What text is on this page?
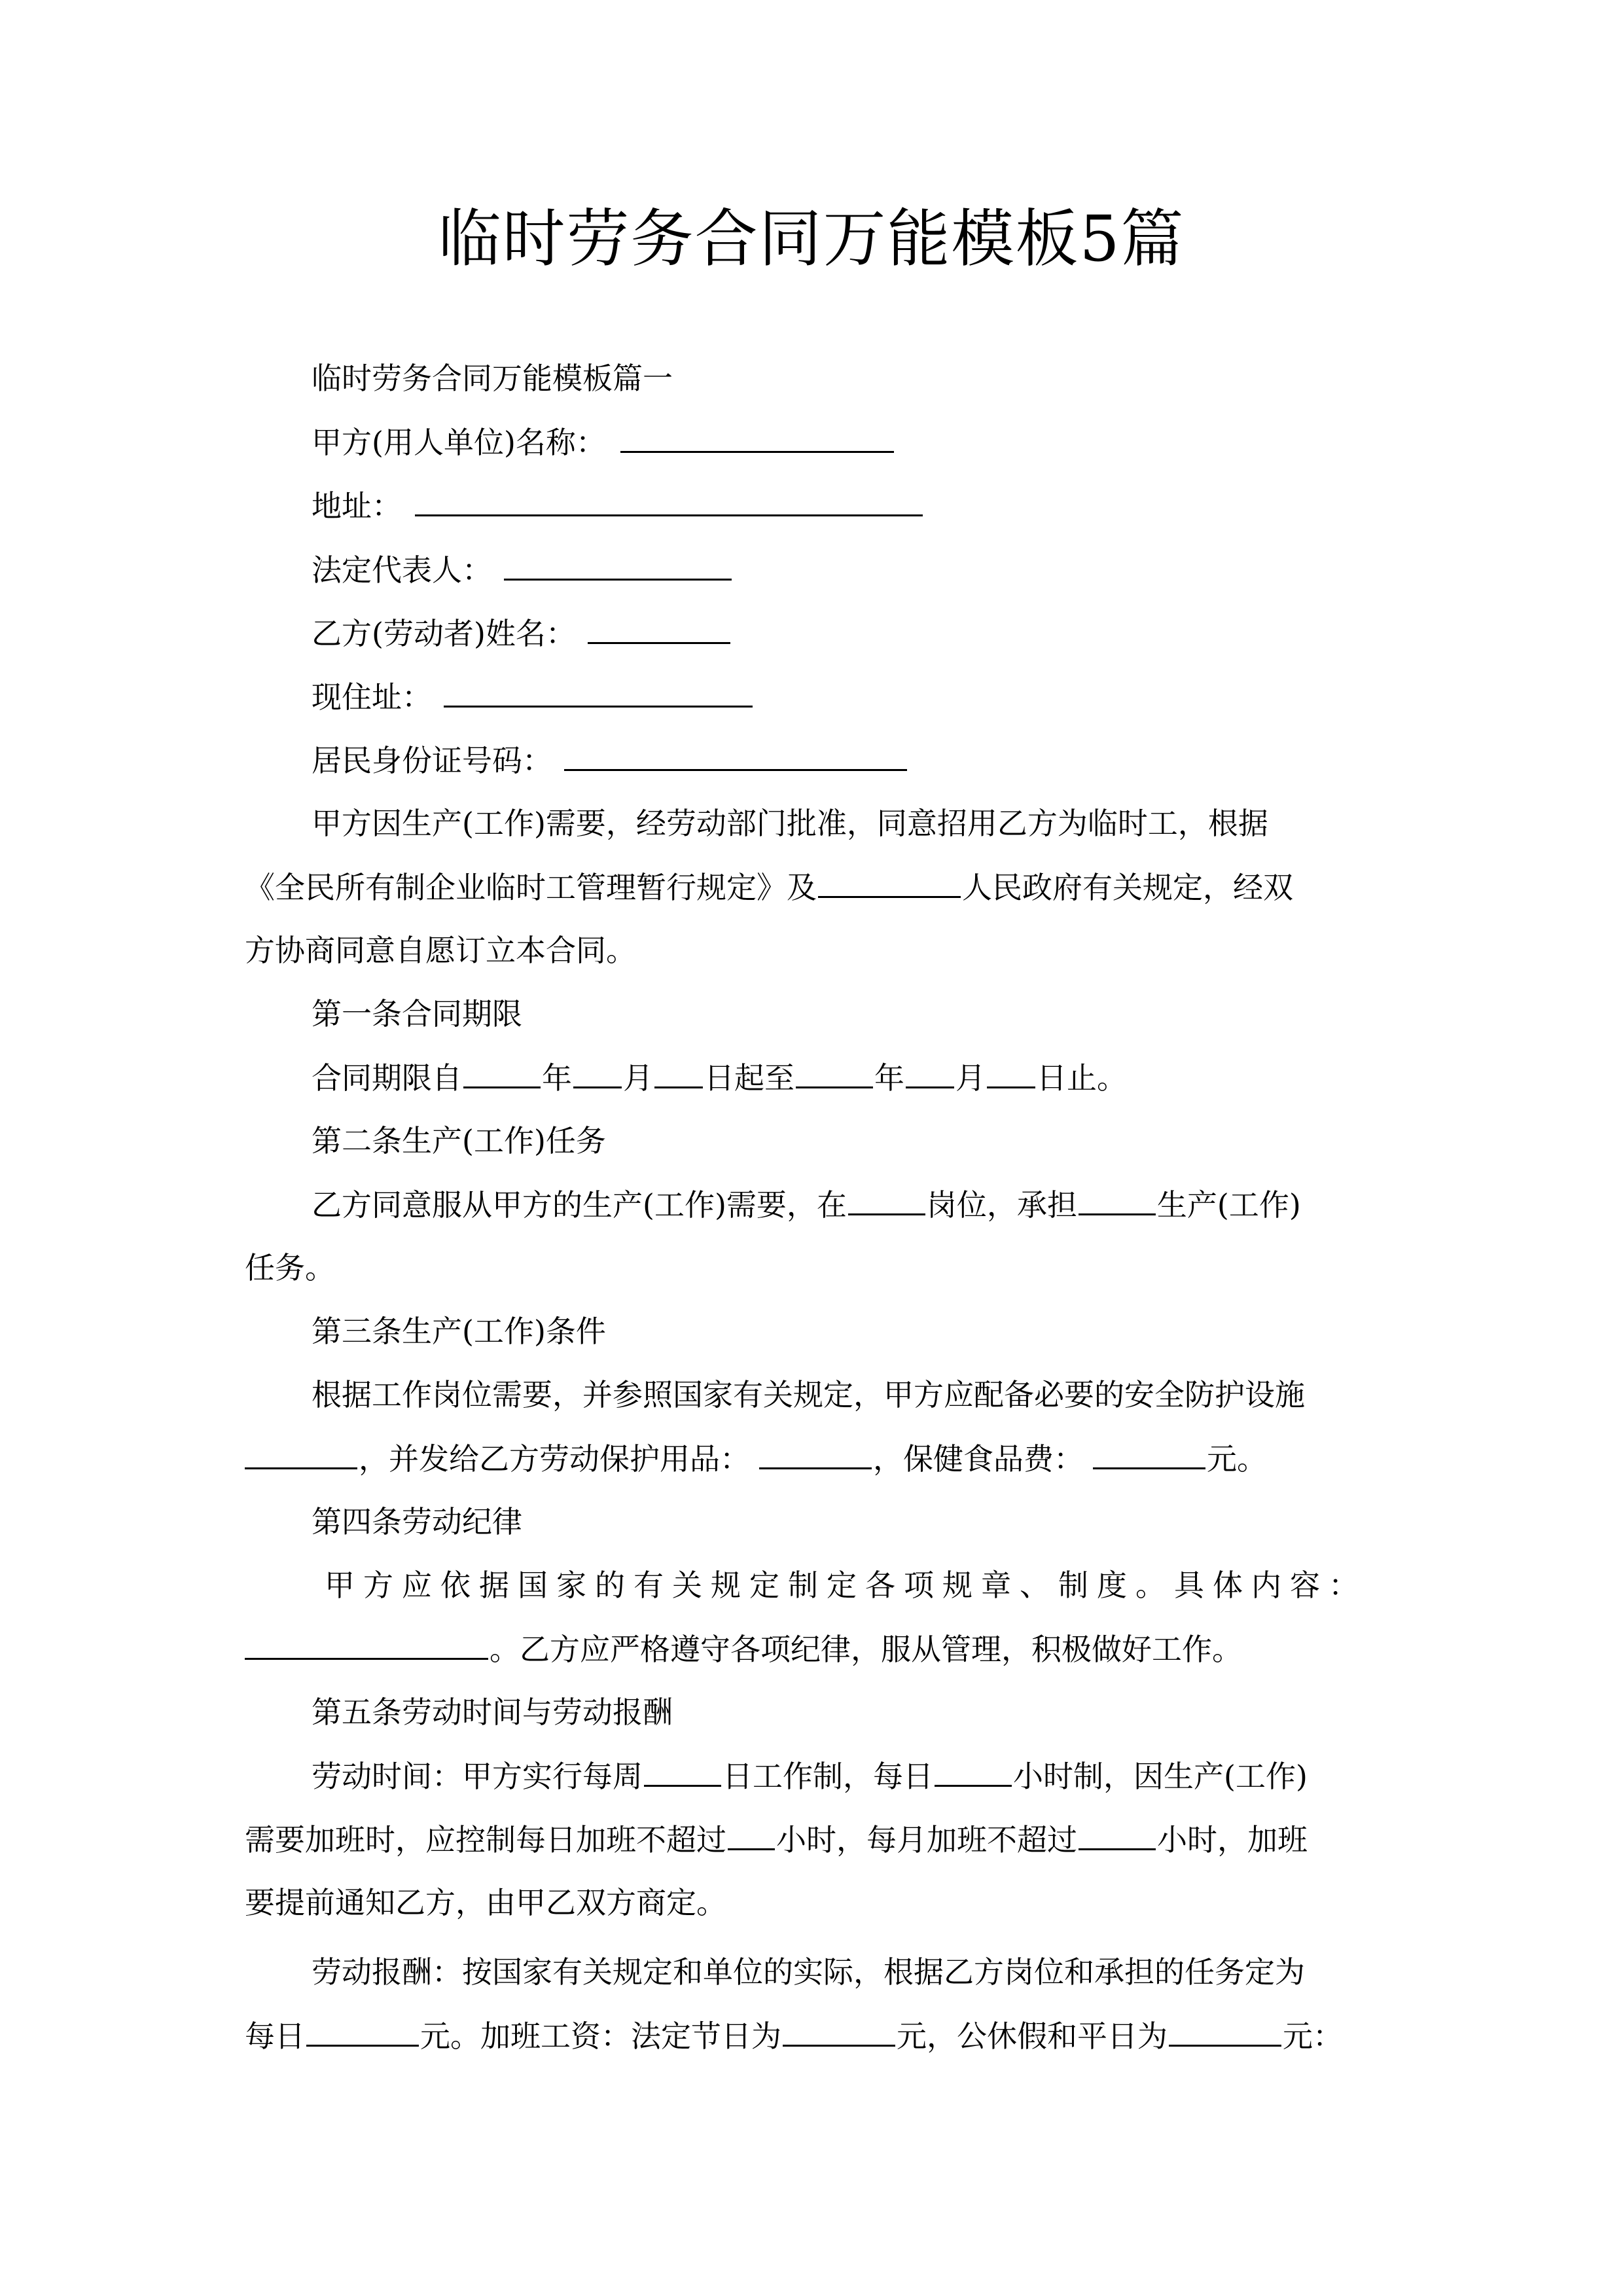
临时劳务合同万能模板5篇
临时劳务合同万能模板篇一
甲方(用人单位)名称：
地址：
法定代表人：
乙方(劳动者)姓名：
现住址：
居民身份证号码：
甲方因生产(工作)需要，经劳动部门批准，同意招用乙方为临时工，根据
《全民所有制企业临时工管理暂行规定》及	人民政府有关规定，经双
方协商同意自愿订立本合同。
第一条合同期限
合同期限自	年 月 日起至	年 月 日止。
第二条生产(工作)任务
乙方同意服从甲方的生产(工作)需要，在	岗位，承担	生产(工作)
任务。
第三条生产(工作)条件
根据工作岗位需要，并参照国家有关规定，甲方应配备必要的安全防护设施
，并发给乙方劳动保护用品：	，保健食品费：	元。
第四条劳动纪律
甲方应依据国家的有关规定制定各项规章、制度。具体内容：
。乙方应严格遵守各项纪律，服从管理，积极做好工作。
第五条劳动时间与劳动报酬
劳动时间：甲方实行每周	日工作制，每日	小时制，因生产(工作)
需要加班时，应控制每日加班不超过 小时，每月加班不超过	小时，加班
要提前通知乙方，由甲乙双方商定。
劳动报酬：按国家有关规定和单位的实际，根据乙方岗位和承担的任务定为
每日	元。加班工资：法定节日为	元，公休假和平日为	元：
